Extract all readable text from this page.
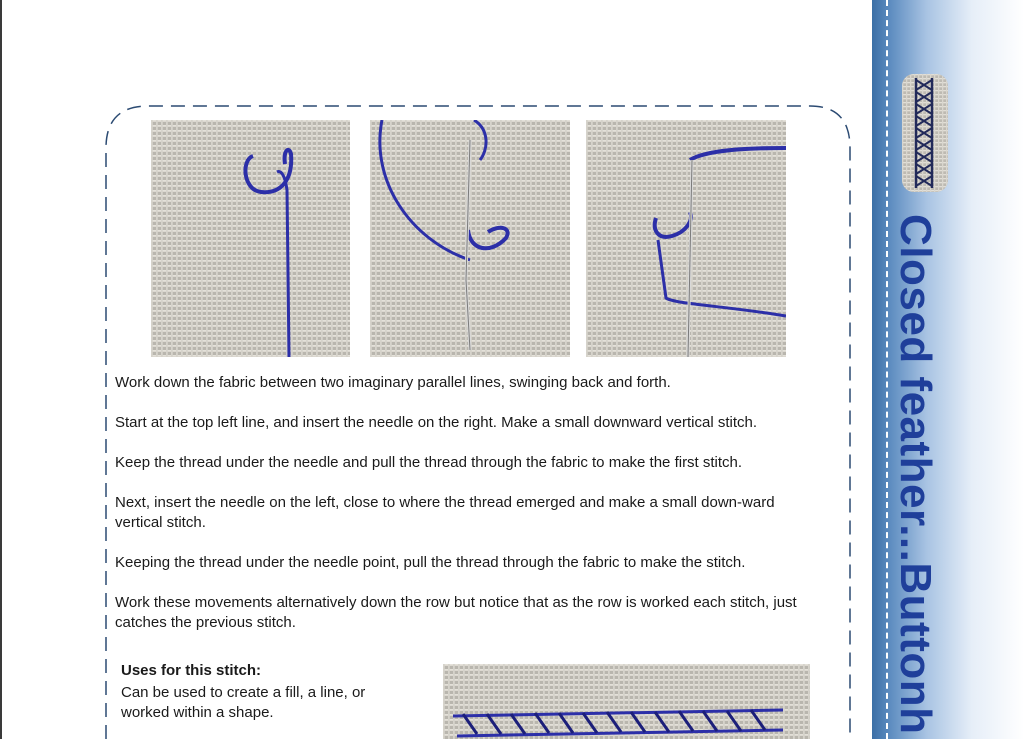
Closed feather...Buttonh

Work down the fabric between two imaginary parallel lines, swinging back and forth.

Start at the top left line, and insert the needle on the right. Make a small downward vertical stitch.

Keep the thread under the needle and pull the thread through the fabric to make the first stitch.

Next, insert the needle on the left, close to where the thread emerged and make a small down-ward vertical stitch.

Keeping the thread under the needle point, pull the thread through the fabric to make the stitch.

Work these movements alternatively down the row but notice that as the row is worked each stitch, just catches the previous stitch.

Uses for this stitch:
Can be used to create a fill, a line, or worked within a shape.
